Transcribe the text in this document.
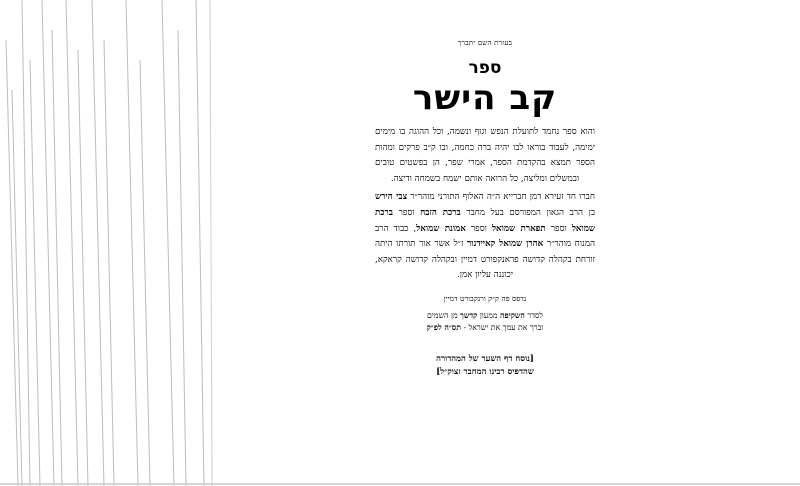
בעזרת השם יתברך
ספר
קב הישר
והוא ספר נחמד לתועלת הנפש וגוף ונשמה, וכל ההוגה בו מימים ימימה, לעבוד בוראו לבו יהיה ברה כחמה, ובו ק״ב פרקים ומהות הספר תמצא בהקדמת הספר, אמרי שפר, הן בפשטים טובים ובמשלים ומליצה, כל הרואה אותם ישמח בשמחה ודיצה.
חברו חד זעירא דמן חברייא ה״ה האלוף התורני מוהר״ר צבי הירש בן הרב הגאון המפורסם בעל מחבר ברכת הזבח וספר ברכת שמואל וספר תפארת שמואל וספר אמונת שמואל, כבוד הרב המנוח מוהר״ר אהרן שמואל קאיידנור ז״ל אשר אור תורתו היתה זורחת בקהלה קדושה פראנקפורט דמיין ובקהלה קדושה קראקא, יכוננה עליון אמן.
נדפס פה ק״ק ורנקבורט דמיין
לסדר השקיפה ממעון קדשך מן השמים
וברך את עמך את ישראל - תס״ה לפ״ק
[נוסח דף השער של המהדורה
שהדפיס רבינו המחבר זצוק״ל]
